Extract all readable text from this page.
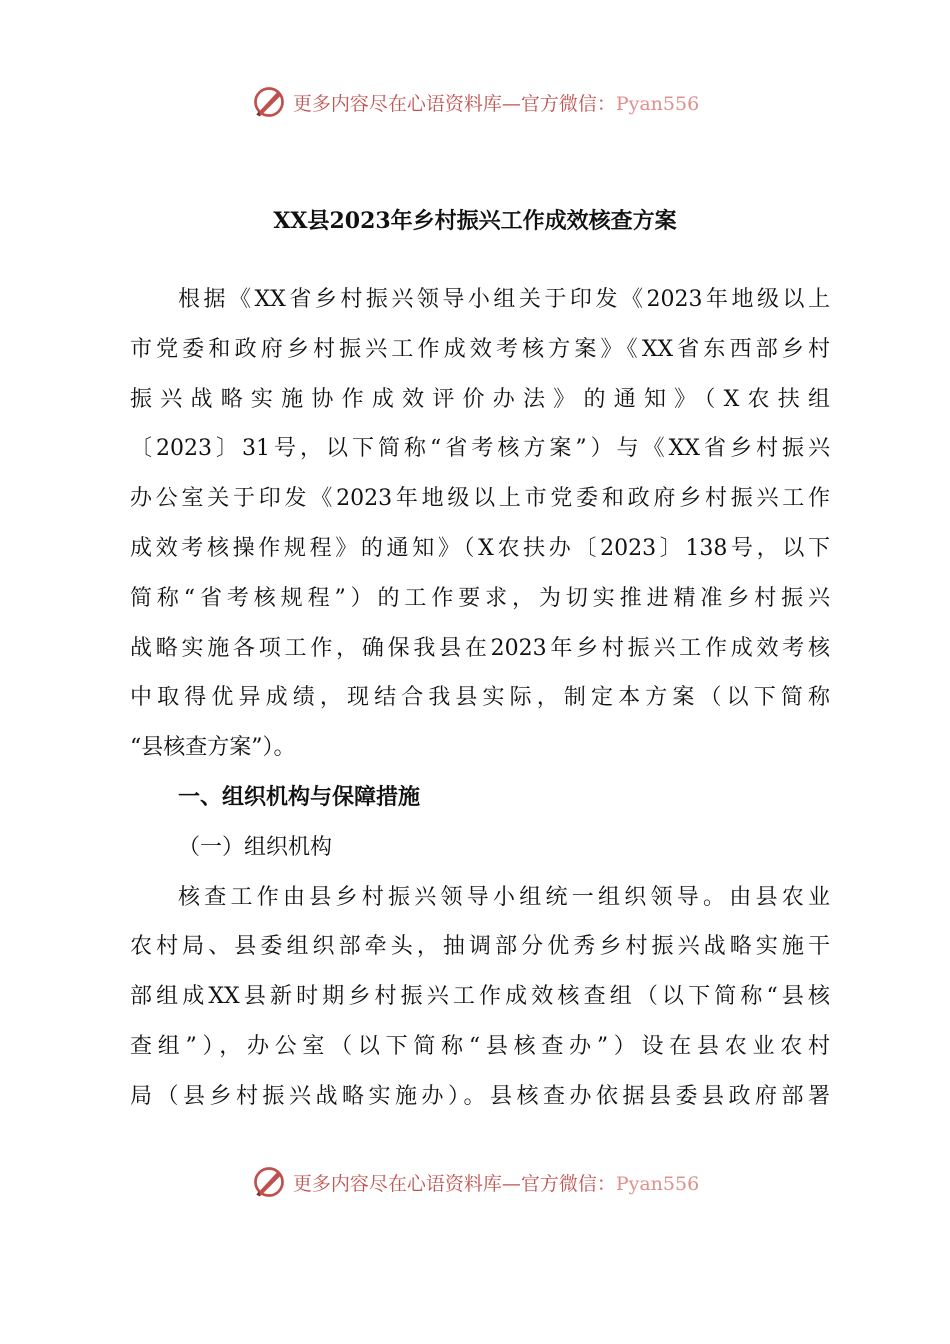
更多内容尽在心语资料库—官方微信：Pyan556
XX县2023年乡村振兴工作成效核查方案
根据《XX省乡村振兴领导小组关于印发《2023年地级以上
市党委和政府乡村振兴工作成效考核方案》《XX省东西部乡村
振兴战略实施协作成效评价办法》的通知》（X农扶组
〔2023〕31号，以下简称“省考核方案”）与《XX省乡村振兴
办公室关于印发《2023年地级以上市党委和政府乡村振兴工作
成效考核操作规程》的通知》（X农扶办〔2023〕138号，以下
简称“省考核规程”）的工作要求，为切实推进精准乡村振兴
战略实施各项工作，确保我县在2023年乡村振兴工作成效考核
中取得优异成绩，现结合我县实际，制定本方案（以下简称
“县核查方案”）。
一、组织机构与保障措施
（一）组织机构
核查工作由县乡村振兴领导小组统一组织领导。由县农业
农村局、县委组织部牵头，抽调部分优秀乡村振兴战略实施干
部组成XX县新时期乡村振兴工作成效核查组（以下简称“县核
查组”），办公室（以下简称“县核查办”）设在县农业农村
局（县乡村振兴战略实施办）。县核查办依据县委县政府部署
更多内容尽在心语资料库—官方微信：Pyan556
